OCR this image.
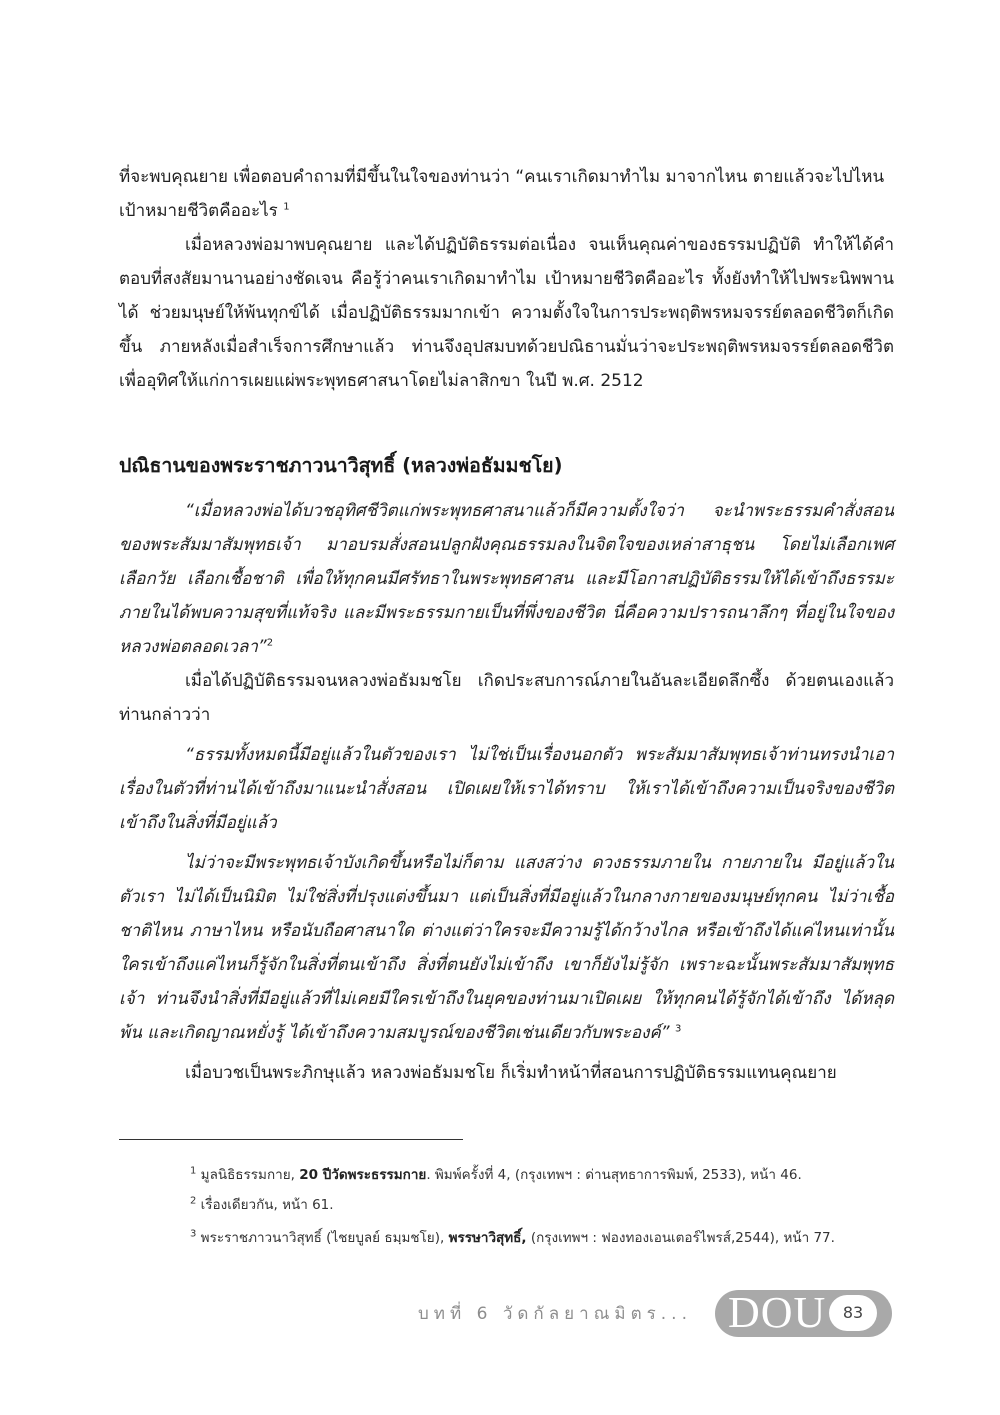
ที่จะพบคุณยาย เพื่อตอบคำถามที่มีขึ้นในใจของท่านว่า “คนเราเกิดมาทำไม มาจากไหน ตายแล้วจะไปไหน
เป้าหมายชีวิตคืออะไร $^1$

เมื่อหลวงพ่อมาพบคุณยาย และได้ปฏิบัติธรรมต่อเนื่อง จนเห็นคุณค่าของธรรมปฏิบัติ ทำให้ได้คำตอบที่สงสัยมานานอย่างชัดเจน คือรู้ว่าคนเราเกิดมาทำไม เป้าหมายชีวิตคืออะไร ทั้งยังทำให้ไปพระนิพพานได้ ช่วยมนุษย์ให้พ้นทุกข์ได้ เมื่อปฏิบัติธรรมมากเข้า ความตั้งใจในการประพฤติพรหมจรรย์ตลอดชีวิตก็เกิดขึ้น ภายหลังเมื่อสำเร็จการศึกษาแล้ว ท่านจึงอุปสมบทด้วยปณิธานมั่นว่าจะประพฤติพรหมจรรย์ตลอดชีวิต เพื่ออุทิศให้แก่การเผยแผ่พระพุทธศาสนาโดยไม่ลาสิกขา ในปี พ.ศ. 2512

ปณิธานของพระราชภาวนาวิสุทธิ์ (หลวงพ่อธัมมชโย)

“เมื่อหลวงพ่อได้บวชอุทิศชีวิตแก่พระพุทธศาสนาแล้วก็มีความตั้งใจว่า จะนำพระธรรมคำสั่งสอนของพระสัมมาสัมพุทธเจ้า มาอบรมสั่งสอนปลูกฝังคุณธรรมลงในจิตใจของเหล่าสาธุชน โดยไม่เลือกเพศ เลือกวัย เลือกเชื้อชาติ เพื่อให้ทุกคนมีศรัทธาในพระพุทธศาสน และมีโอกาสปฏิบัติธรรมให้ได้เข้าถึงธรรมะภายในได้พบความสุขที่แท้จริง และมีพระธรรมกายเป็นที่พึ่งของชีวิต นี่คือความปรารถนาลึกๆ ที่อยู่ในใจของหลวงพ่อตลอดเวลา”$^2$

เมื่อได้ปฏิบัติธรรมจนหลวงพ่อธัมมชโย เกิดประสบการณ์ภายในอันละเอียดลึกซึ้ง ด้วยตนเองแล้ว ท่านกล่าวว่า

“ธรรมทั้งหมดนี้มีอยู่แล้วในตัวของเรา ไม่ใช่เป็นเรื่องนอกตัว พระสัมมาสัมพุทธเจ้าท่านทรงนำเอาเรื่องในตัวที่ท่านได้เข้าถึงมาแนะนำสั่งสอน เปิดเผยให้เราได้ทราบ ให้เราได้เข้าถึงความเป็นจริงของชีวิต เข้าถึงในสิ่งที่มีอยู่แล้ว

ไม่ว่าจะมีพระพุทธเจ้าบังเกิดขึ้นหรือไม่ก็ตาม แสงสว่าง ดวงธรรมภายใน กายภายใน มีอยู่แล้วในตัวเรา ไม่ได้เป็นนิมิต ไม่ใช่สิ่งที่ปรุงแต่งขึ้นมา แต่เป็นสิ่งที่มีอยู่แล้วในกลางกายของมนุษย์ทุกคน ไม่ว่าเชื้อชาติไหน ภาษาไหน หรือนับถือศาสนาใด ต่างแต่ว่าใครจะมีความรู้ได้กว้างไกล หรือเข้าถึงได้แค่ไหนเท่านั้น ใครเข้าถึงแค่ไหนก็รู้จักในสิ่งที่ตนเข้าถึง สิ่งที่ตนยังไม่เข้าถึง เขาก็ยังไม่รู้จัก เพราะฉะนั้นพระสัมมาสัมพุทธเจ้า ท่านจึงนำสิ่งที่มีอยู่แล้วที่ไม่เคยมีใครเข้าถึงในยุคของท่านมาเปิดเผย ให้ทุกคนได้รู้จักได้เข้าถึง ได้หลุดพ้น และเกิดญาณหยั่งรู้ ได้เข้าถึงความสมบูรณ์ของชีวิตเช่นเดียวกับพระองค์” $^3$

เมื่อบวชเป็นพระภิกษุแล้ว หลวงพ่อธัมมชโย ก็เริ่มทำหน้าที่สอนการปฏิบัติธรรมแทนคุณยาย

$^1$ มูลนิธิธรรมกาย, 20 ปีวัดพระธรรมกาย. พิมพ์ครั้งที่ 4, (กรุงเทพฯ : ด่านสุทธาการพิมพ์, 2533), หน้า 46.
$^2$ เรื่องเดียวกัน, หน้า 61.
$^3$ พระราชภาวนาวิสุทธิ์ (ไชยบูลย์ ธมฺมชโย), พรรษาวิสุทธิ์, (กรุงเทพฯ : ฟองทองเอนเตอร์ไพรส์,2544), หน้า 77.
บทที่ 6 วัดกัลยาณมิตร... DOU	83
